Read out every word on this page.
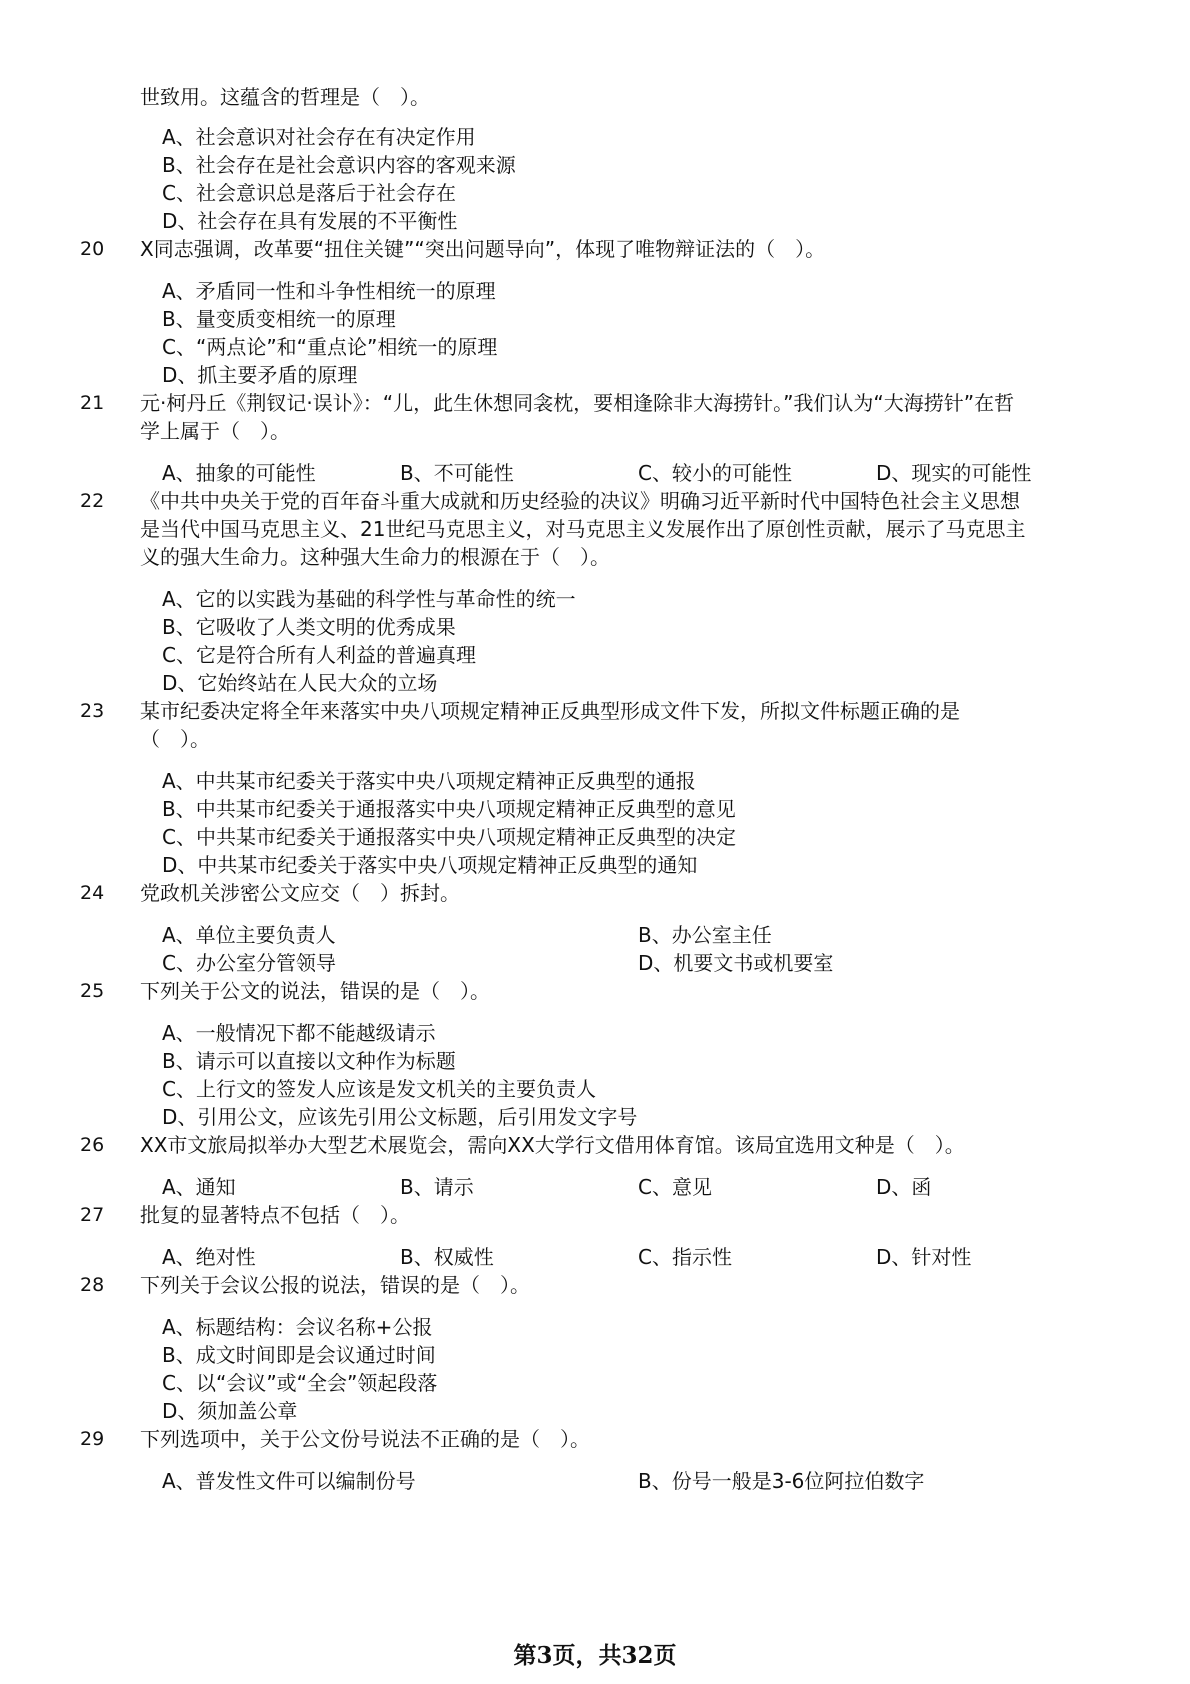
世致用。这蕴含的哲理是（　）。
A、社会意识对社会存在有决定作用
B、社会存在是社会意识内容的客观来源
C、社会意识总是落后于社会存在
D、社会存在具有发展的不平衡性
20 X同志强调，改革要“扭住关键”“突出问题导向”，体现了唯物辩证法的（　）。
A、矛盾同一性和斗争性相统一的原理
B、量变质变相统一的原理
C、“两点论”和“重点论”相统一的原理
D、抓主要矛盾的原理
21 元·柯丹丘《荆钗记·误讣》：“儿，此生休想同衾枕，要相逢除非大海捞针。”我们认为“大海捞针”在哲
学上属于（　）。
A、抽象的可能性	B、不可能性	C、较小的可能性	D、现实的可能性
22 《中共中央关于党的百年奋斗重大成就和历史经验的决议》明确习近平新时代中国特色社会主义思想
是当代中国马克思主义、21世纪马克思主义，对马克思主义发展作出了原创性贡献，展示了马克思主
义的强大生命力。这种强大生命力的根源在于（　）。
A、它的以实践为基础的科学性与革命性的统一
B、它吸收了人类文明的优秀成果
C、它是符合所有人利益的普遍真理
D、它始终站在人民大众的立场
23 某市纪委决定将全年来落实中央八项规定精神正反典型形成文件下发，所拟文件标题正确的是
（　）。
A、中共某市纪委关于落实中央八项规定精神正反典型的通报
B、中共某市纪委关于通报落实中央八项规定精神正反典型的意见
C、中共某市纪委关于通报落实中央八项规定精神正反典型的决定
D、中共某市纪委关于落实中央八项规定精神正反典型的通知
24 党政机关涉密公文应交（　）拆封。
A、单位主要负责人	B、办公室主任
C、办公室分管领导	D、机要文书或机要室
25 下列关于公文的说法，错误的是（　）。
A、一般情况下都不能越级请示
B、请示可以直接以文种作为标题
C、上行文的签发人应该是发文机关的主要负责人
D、引用公文，应该先引用公文标题，后引用发文字号
26 XX市文旅局拟举办大型艺术展览会，需向XX大学行文借用体育馆。该局宜选用文种是（　）。
A、通知	B、请示	C、意见	D、函
27 批复的显著特点不包括（　）。
A、绝对性	B、权威性	C、指示性	D、针对性
28 下列关于会议公报的说法，错误的是（　）。
A、标题结构：会议名称+公报
B、成文时间即是会议通过时间
C、以“会议”或“全会”领起段落
D、须加盖公章
29 下列选项中，关于公文份号说法不正确的是（　）。
A、普发性文件可以编制份号	B、份号一般是3-6位阿拉伯数字
第3页，共32页
